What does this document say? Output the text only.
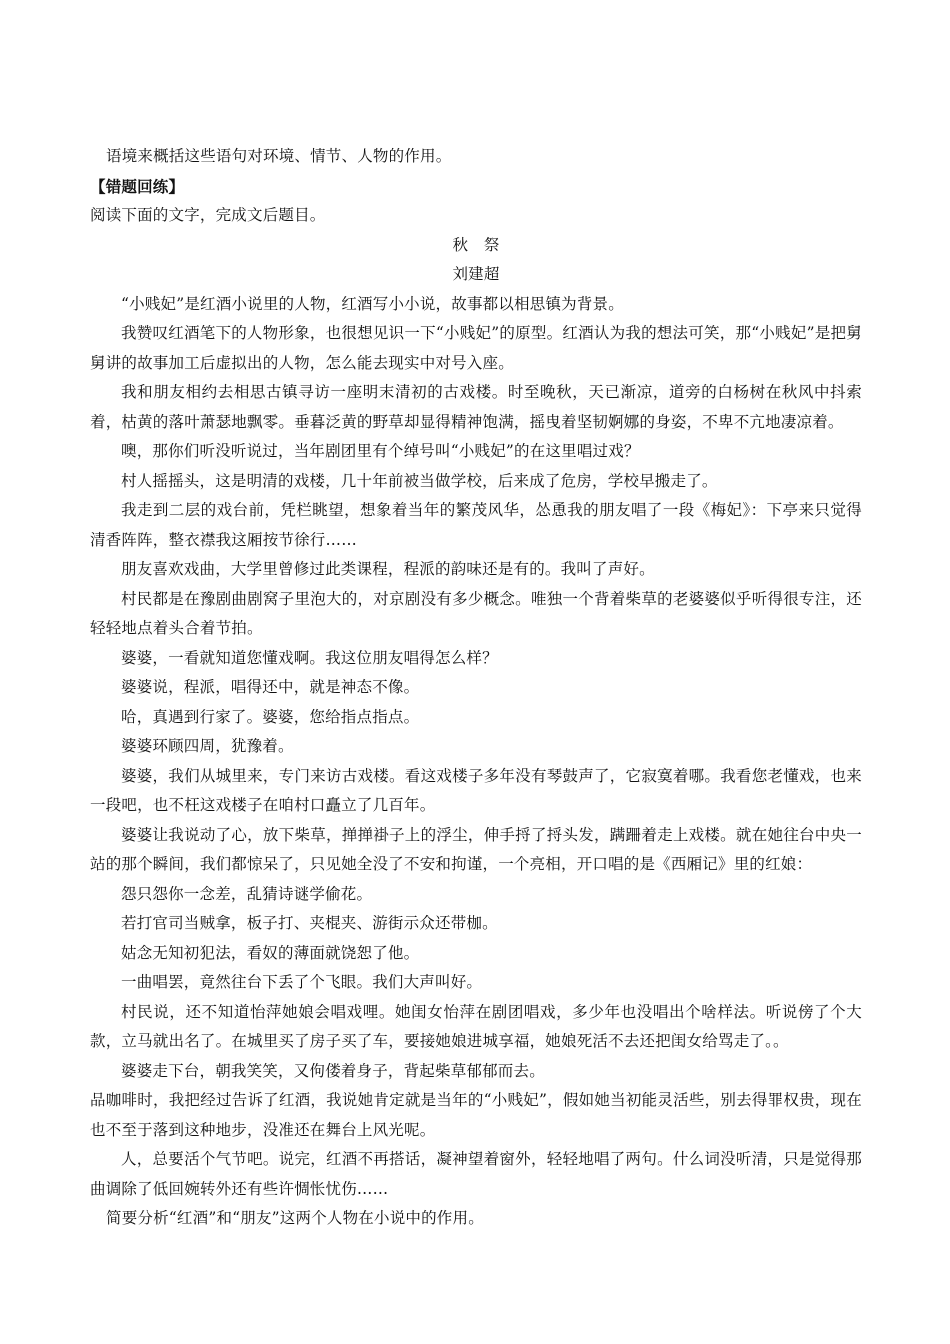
语境来概括这些语句对环境、情节、人物的作用。

【错题回练】

阅读下面的文字，完成文后题目。

秋　祭

刘建超

“小贱妃”是红酒小说里的人物，红酒写小小说，故事都以相思镇为背景。

我赞叹红酒笔下的人物形象，也很想见识一下“小贱妃”的原型。红酒认为我的想法可笑，那“小贱妃”是把舅舅讲的故事加工后虚拟出的人物，怎么能去现实中对号入座。

我和朋友相约去相思古镇寻访一座明末清初的古戏楼。时至晚秋，天已渐凉，道旁的白杨树在秋风中抖索着，枯黄的落叶萧瑟地飘零。垂暮泛黄的野草却显得精神饱满，摇曳着坚韧婀娜的身姿，不卑不亢地凄凉着。

噢，那你们听没听说过，当年剧团里有个绰号叫“小贱妃”的在这里唱过戏？

村人摇摇头，这是明清的戏楼，几十年前被当做学校，后来成了危房，学校早搬走了。

我走到二层的戏台前，凭栏眺望，想象着当年的繁茂风华，怂恿我的朋友唱了一段《梅妃》：下亭来只觉得清香阵阵，整衣襟我这厢按节徐行……

朋友喜欢戏曲，大学里曾修过此类课程，程派的韵味还是有的。我叫了声好。

村民都是在豫剧曲剧窝子里泡大的，对京剧没有多少概念。唯独一个背着柴草的老婆婆似乎听得很专注，还轻轻地点着头合着节拍。

婆婆，一看就知道您懂戏啊。我这位朋友唱得怎么样？

婆婆说，程派，唱得还中，就是神态不像。

哈，真遇到行家了。婆婆，您给指点指点。

婆婆环顾四周，犹豫着。

婆婆，我们从城里来，专门来访古戏楼。看这戏楼子多年没有琴鼓声了，它寂寞着哪。我看您老懂戏，也来一段吧，也不枉这戏楼子在咱村口矗立了几百年。

婆婆让我说动了心，放下柴草，掸掸褂子上的浮尘，伸手捋了捋头发，蹒跚着走上戏楼。就在她往台中央一站的那个瞬间，我们都惊呆了，只见她全没了不安和拘谨，一个亮相，开口唱的是《西厢记》里的红娘：

怨只怨你一念差，乱猜诗谜学偷花。

若打官司当贼拿，板子打、夹棍夹、游街示众还带枷。

姑念无知初犯法，看奴的薄面就饶恕了他。

一曲唱罢，竟然往台下丢了个飞眼。我们大声叫好。

村民说，还不知道怡萍她娘会唱戏哩。她闺女怡萍在剧团唱戏，多少年也没唱出个啥样法。听说傍了个大款，立马就出名了。在城里买了房子买了车，要接她娘进城享福，她娘死活不去还把闺女给骂走了。。

婆婆走下台，朝我笑笑，又佝偻着身子，背起柴草郁郁而去。

品咖啡时，我把经过告诉了红酒，我说她肯定就是当年的“小贱妃”，假如她当初能灵活些，别去得罪权贵，现在也不至于落到这种地步，没准还在舞台上风光呢。

人，总要活个气节吧。说完，红酒不再搭话，凝神望着窗外，轻轻地唱了两句。什么词没听清，只是觉得那曲调除了低回婉转外还有些许惆怅忧伤……

简要分析“红酒”和“朋友”这两个人物在小说中的作用。
